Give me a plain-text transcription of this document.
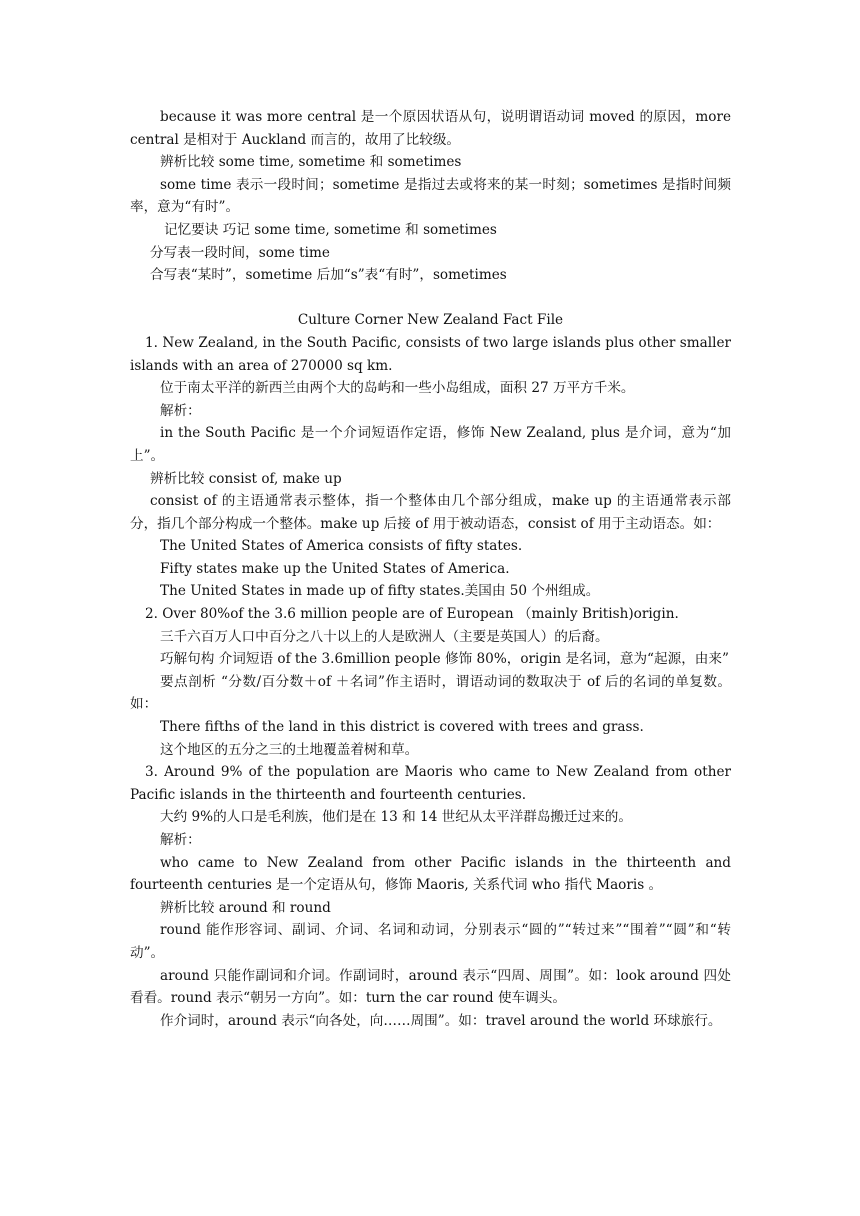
because it was more central 是一个原因状语从句，说明谓语动词 moved 的原因，more central 是相对于 Auckland 而言的，故用了比较级。

辨析比较 some time, sometime 和 sometimes

some time 表示一段时间；sometime 是指过去或将来的某一时刻；sometimes 是指时间频率，意为“有时”。

记忆要诀 巧记 some time, sometime 和 sometimes

分写表一段时间，some time

合写表“某时”，sometime 后加“s”表“有时”，sometimes

Culture Corner New Zealand Fact File

1. New Zealand, in the South Pacific, consists of two large islands plus other smaller islands with an area of 270000 sq km.

位于南太平洋的新西兰由两个大的岛屿和一些小岛组成，面积 27 万平方千米。

解析：

in the South Pacific 是一个介词短语作定语，修饰 New Zealand, plus 是介词，意为“加上”。

辨析比较 consist of, make up

consist of 的主语通常表示整体，指一个整体由几个部分组成，make up 的主语通常表示部分，指几个部分构成一个整体。make up 后接 of 用于被动语态，consist of 用于主动语态。如：

The United States of America consists of fifty states.

Fifty states make up the United States of America.

The United States in made up of fifty states.美国由 50 个州组成。

2. Over 80%of the 3.6 million people are of European （mainly British)origin.

三千六百万人口中百分之八十以上的人是欧洲人（主要是英国人）的后裔。

巧解句构 介词短语 of the 3.6million people 修饰 80%，origin 是名词，意为“起源，由来”

要点剖析 “分数/百分数＋of ＋名词”作主语时，谓语动词的数取决于 of 后的名词的单复数。如：

There fifths of the land in this district is covered with trees and grass.

这个地区的五分之三的土地覆盖着树和草。

3. Around 9% of the population are Maoris who came to New Zealand from other Pacific islands in the thirteenth and fourteenth centuries.

大约 9%的人口是毛利族，他们是在 13 和 14 世纪从太平洋群岛搬迁过来的。

解析：

who came to New Zealand from other Pacific islands in the thirteenth and fourteenth centuries 是一个定语从句，修饰 Maoris, 关系代词 who 指代 Maoris 。

辨析比较 around 和 round

round 能作形容词、副词、介词、名词和动词，分别表示“圆的”“转过来”“围着”“圆”和“转动”。

around 只能作副词和介词。作副词时，around 表示“四周、周围”。如：look around 四处看看。round 表示“朝另一方向”。如：turn the car round 使车调头。

作介词时，around 表示“向各处，向……周围”。如：travel around the world 环球旅行。
